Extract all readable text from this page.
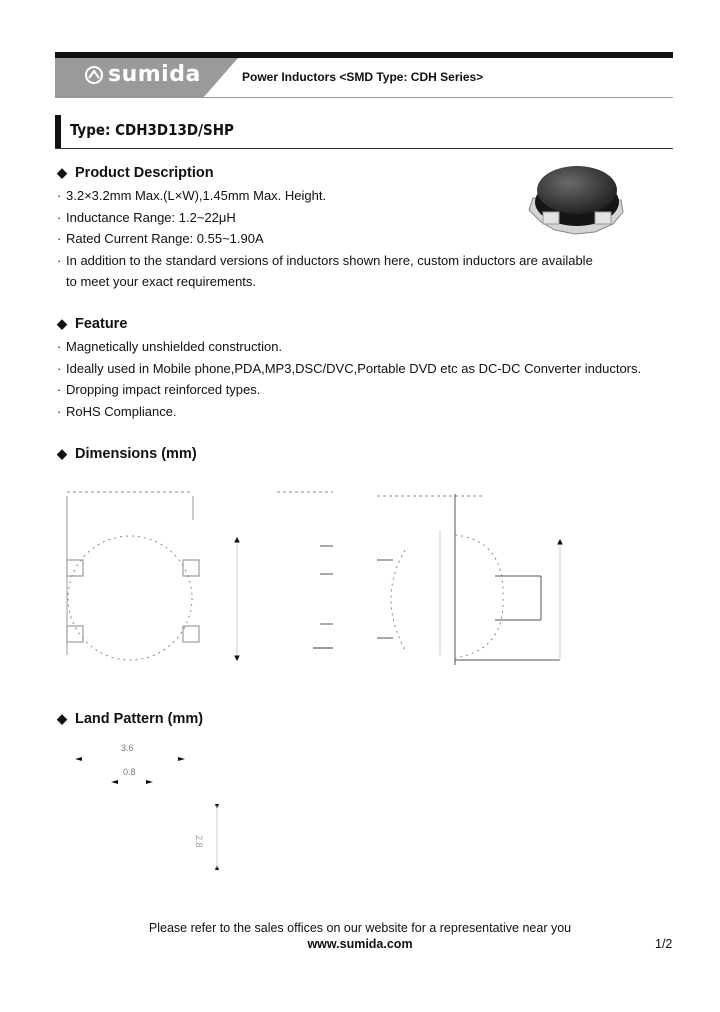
sumida	Power Inductors <SMD Type: CDH Series>
Type: CDH3D13D/SHP
◆ Product Description
· 3.2×3.2mm Max.(L×W),1.45mm Max. Height.
· Inductance Range: 1.2~22μH
· Rated Current Range: 0.55~1.90A
· In addition to the standard versions of inductors shown here, custom inductors are available
to meet your exact requirements.
◆ Feature
· Magnetically unshielded construction.
· Ideally used in Mobile phone,PDA,MP3,DSC/DVC,Portable DVD etc as DC-DC Converter inductors.
· Dropping impact reinforced types.
· RoHS Compliance.
◆ Dimensions (mm)
◆ Land Pattern (mm)
3.6
0.8
2.8
Please refer to the sales offices on our website for a representative near you
www.sumida.com	1/2
